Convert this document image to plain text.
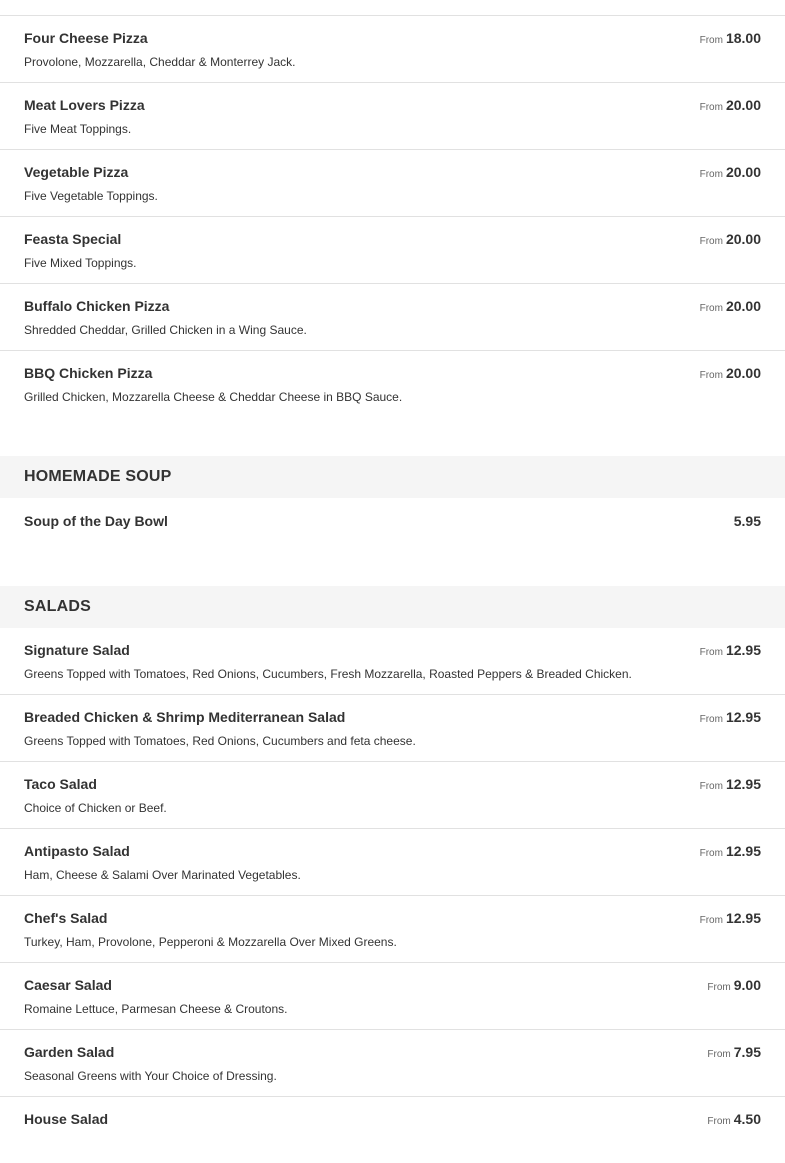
Four Cheese Pizza
Provolone, Mozzarella, Cheddar & Monterrey Jack.
From 18.00
Meat Lovers Pizza
Five Meat Toppings.
From 20.00
Vegetable Pizza
Five Vegetable Toppings.
From 20.00
Feasta Special
Five Mixed Toppings.
From 20.00
Buffalo Chicken Pizza
Shredded Cheddar, Grilled Chicken in a Wing Sauce.
From 20.00
BBQ Chicken Pizza
Grilled Chicken, Mozzarella Cheese & Cheddar Cheese in BBQ Sauce.
From 20.00
HOMEMADE SOUP
Soup of the Day Bowl	5.95
SALADS
Signature Salad
Greens Topped with Tomatoes, Red Onions, Cucumbers, Fresh Mozzarella, Roasted Peppers & Breaded Chicken.
From 12.95
Breaded Chicken & Shrimp Mediterranean Salad
Greens Topped with Tomatoes, Red Onions, Cucumbers and feta cheese.
From 12.95
Taco Salad
Choice of Chicken or Beef.
From 12.95
Antipasto Salad
Ham, Cheese & Salami Over Marinated Vegetables.
From 12.95
Chef's Salad
Turkey, Ham, Provolone, Pepperoni & Mozzarella Over Mixed Greens.
From 12.95
Caesar Salad
Romaine Lettuce, Parmesan Cheese & Croutons.
From 9.00
Garden Salad
Seasonal Greens with Your Choice of Dressing.
From 7.95
House Salad	From 4.50
